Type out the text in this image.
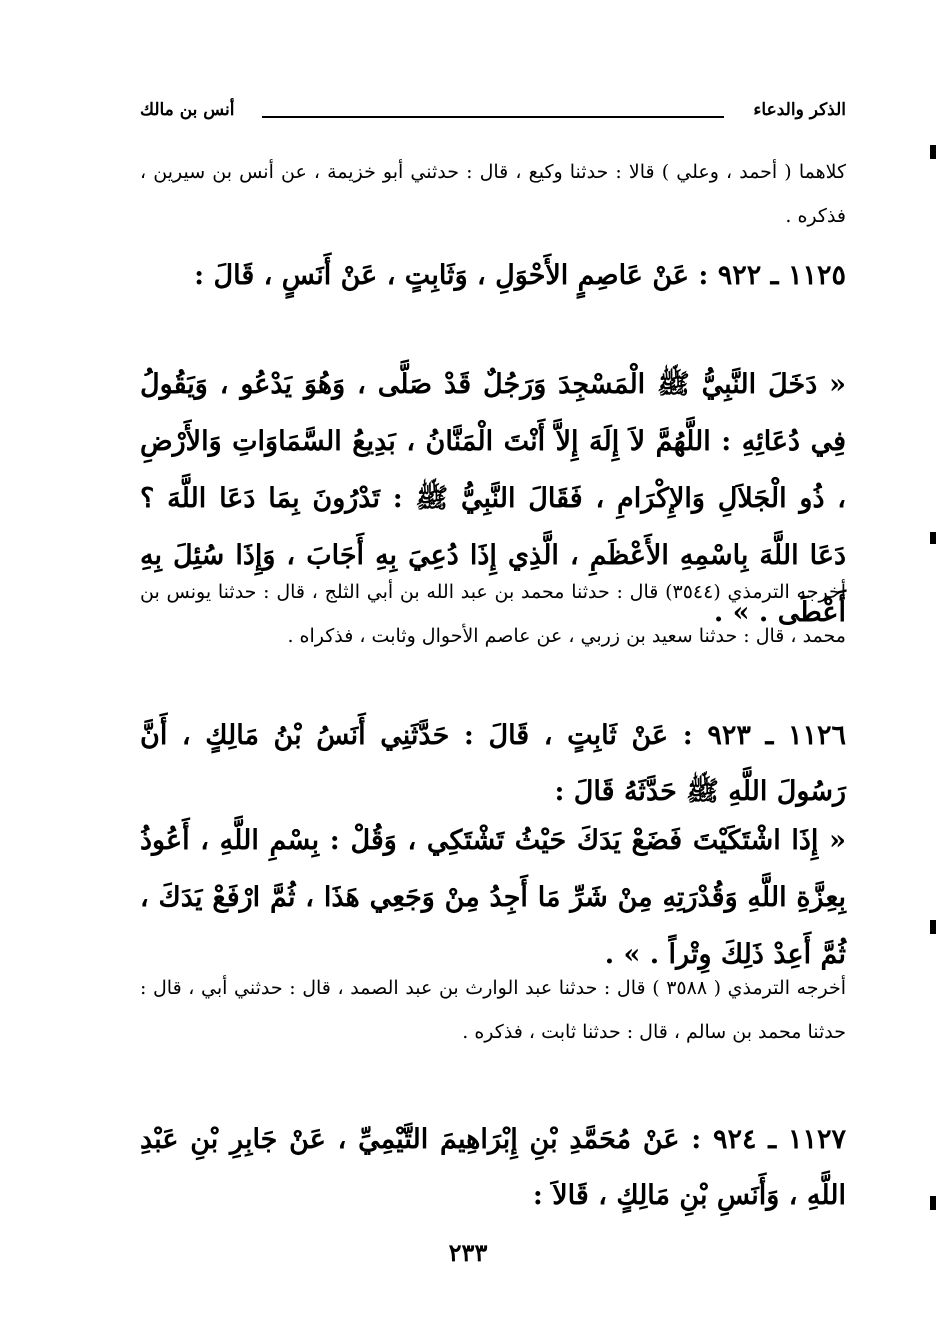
الذكر والدعاء
أنس بن مالك
كلاهما ( أحمد ، وعلي ) قالا : حدثنا وكيع ، قال : حدثني أبو خزيمة ، عن أنس بن سيرين ، فذكره .
١١٢٥ ـ ٩٢٢ : عَنْ عَاصِمٍ الأَحْوَلِ ، وَثَابِتٍ ، عَنْ أَنَسٍ ، قَالَ :
« دَخَلَ النَّبِيُّ ﷺ الْمَسْجِدَ وَرَجُلٌ قَدْ صَلَّى ، وَهُوَ يَدْعُو ، وَيَقُولُ فِي دُعَائِهِ : اللَّهُمَّ لاَ إِلَهَ إِلاَّ أَنْتَ الْمَنَّانُ ، بَدِيعُ السَّمَاوَاتِ وَالأَرْضِ ، ذُو الْجَلاَلِ وَالإِكْرَامِ ، فَقَالَ النَّبِيُّ ﷺ : تَدْرُونَ بِمَا دَعَا اللَّهَ ؟ دَعَا اللَّهَ بِاسْمِهِ الأَعْظَمِ ، الَّذِي إِذَا دُعِيَ بِهِ أَجَابَ ، وَإِذَا سُئِلَ بِهِ أَعْطَى . » .
أخرجه الترمذي (٣٥٤٤) قال : حدثنا محمد بن عبد الله بن أبي الثلج ، قال : حدثنا يونس بن محمد ، قال : حدثنا سعيد بن زربي ، عن عاصم الأحوال وثابت ، فذكراه .
١١٢٦ ـ ٩٢٣ : عَنْ ثَابِتٍ ، قَالَ : حَدَّثَنِي أَنَسُ بْنُ مَالِكٍ ، أَنَّ رَسُولَ اللَّهِ ﷺ حَدَّثَهُ قَالَ :
« إِذَا اشْتَكَيْتَ فَضَعْ يَدَكَ حَيْثُ تَشْتَكِي ، وَقُلْ : بِسْمِ اللَّهِ ، أَعُوذُ بِعِزَّةِ اللَّهِ وَقُدْرَتِهِ مِنْ شَرِّ مَا أَجِدُ مِنْ وَجَعِي هَذَا ، ثُمَّ ارْفَعْ يَدَكَ ، ثُمَّ أَعِدْ ذَلِكَ وِتْراً . » .
أخرجه الترمذي ( ٣٥٨٨ ) قال : حدثنا عبد الوارث بن عبد الصمد ، قال : حدثني أبي ، قال : حدثنا محمد بن سالم ، قال : حدثنا ثابت ، فذكره .
١١٢٧ ـ ٩٢٤ : عَنْ مُحَمَّدِ بْنِ إِبْرَاهِيمَ التَّيْمِيِّ ، عَنْ جَابِرِ بْنِ عَبْدِ اللَّهِ ، وَأَنَسِ بْنِ مَالِكٍ ، قَالاَ :
٢٣٣
